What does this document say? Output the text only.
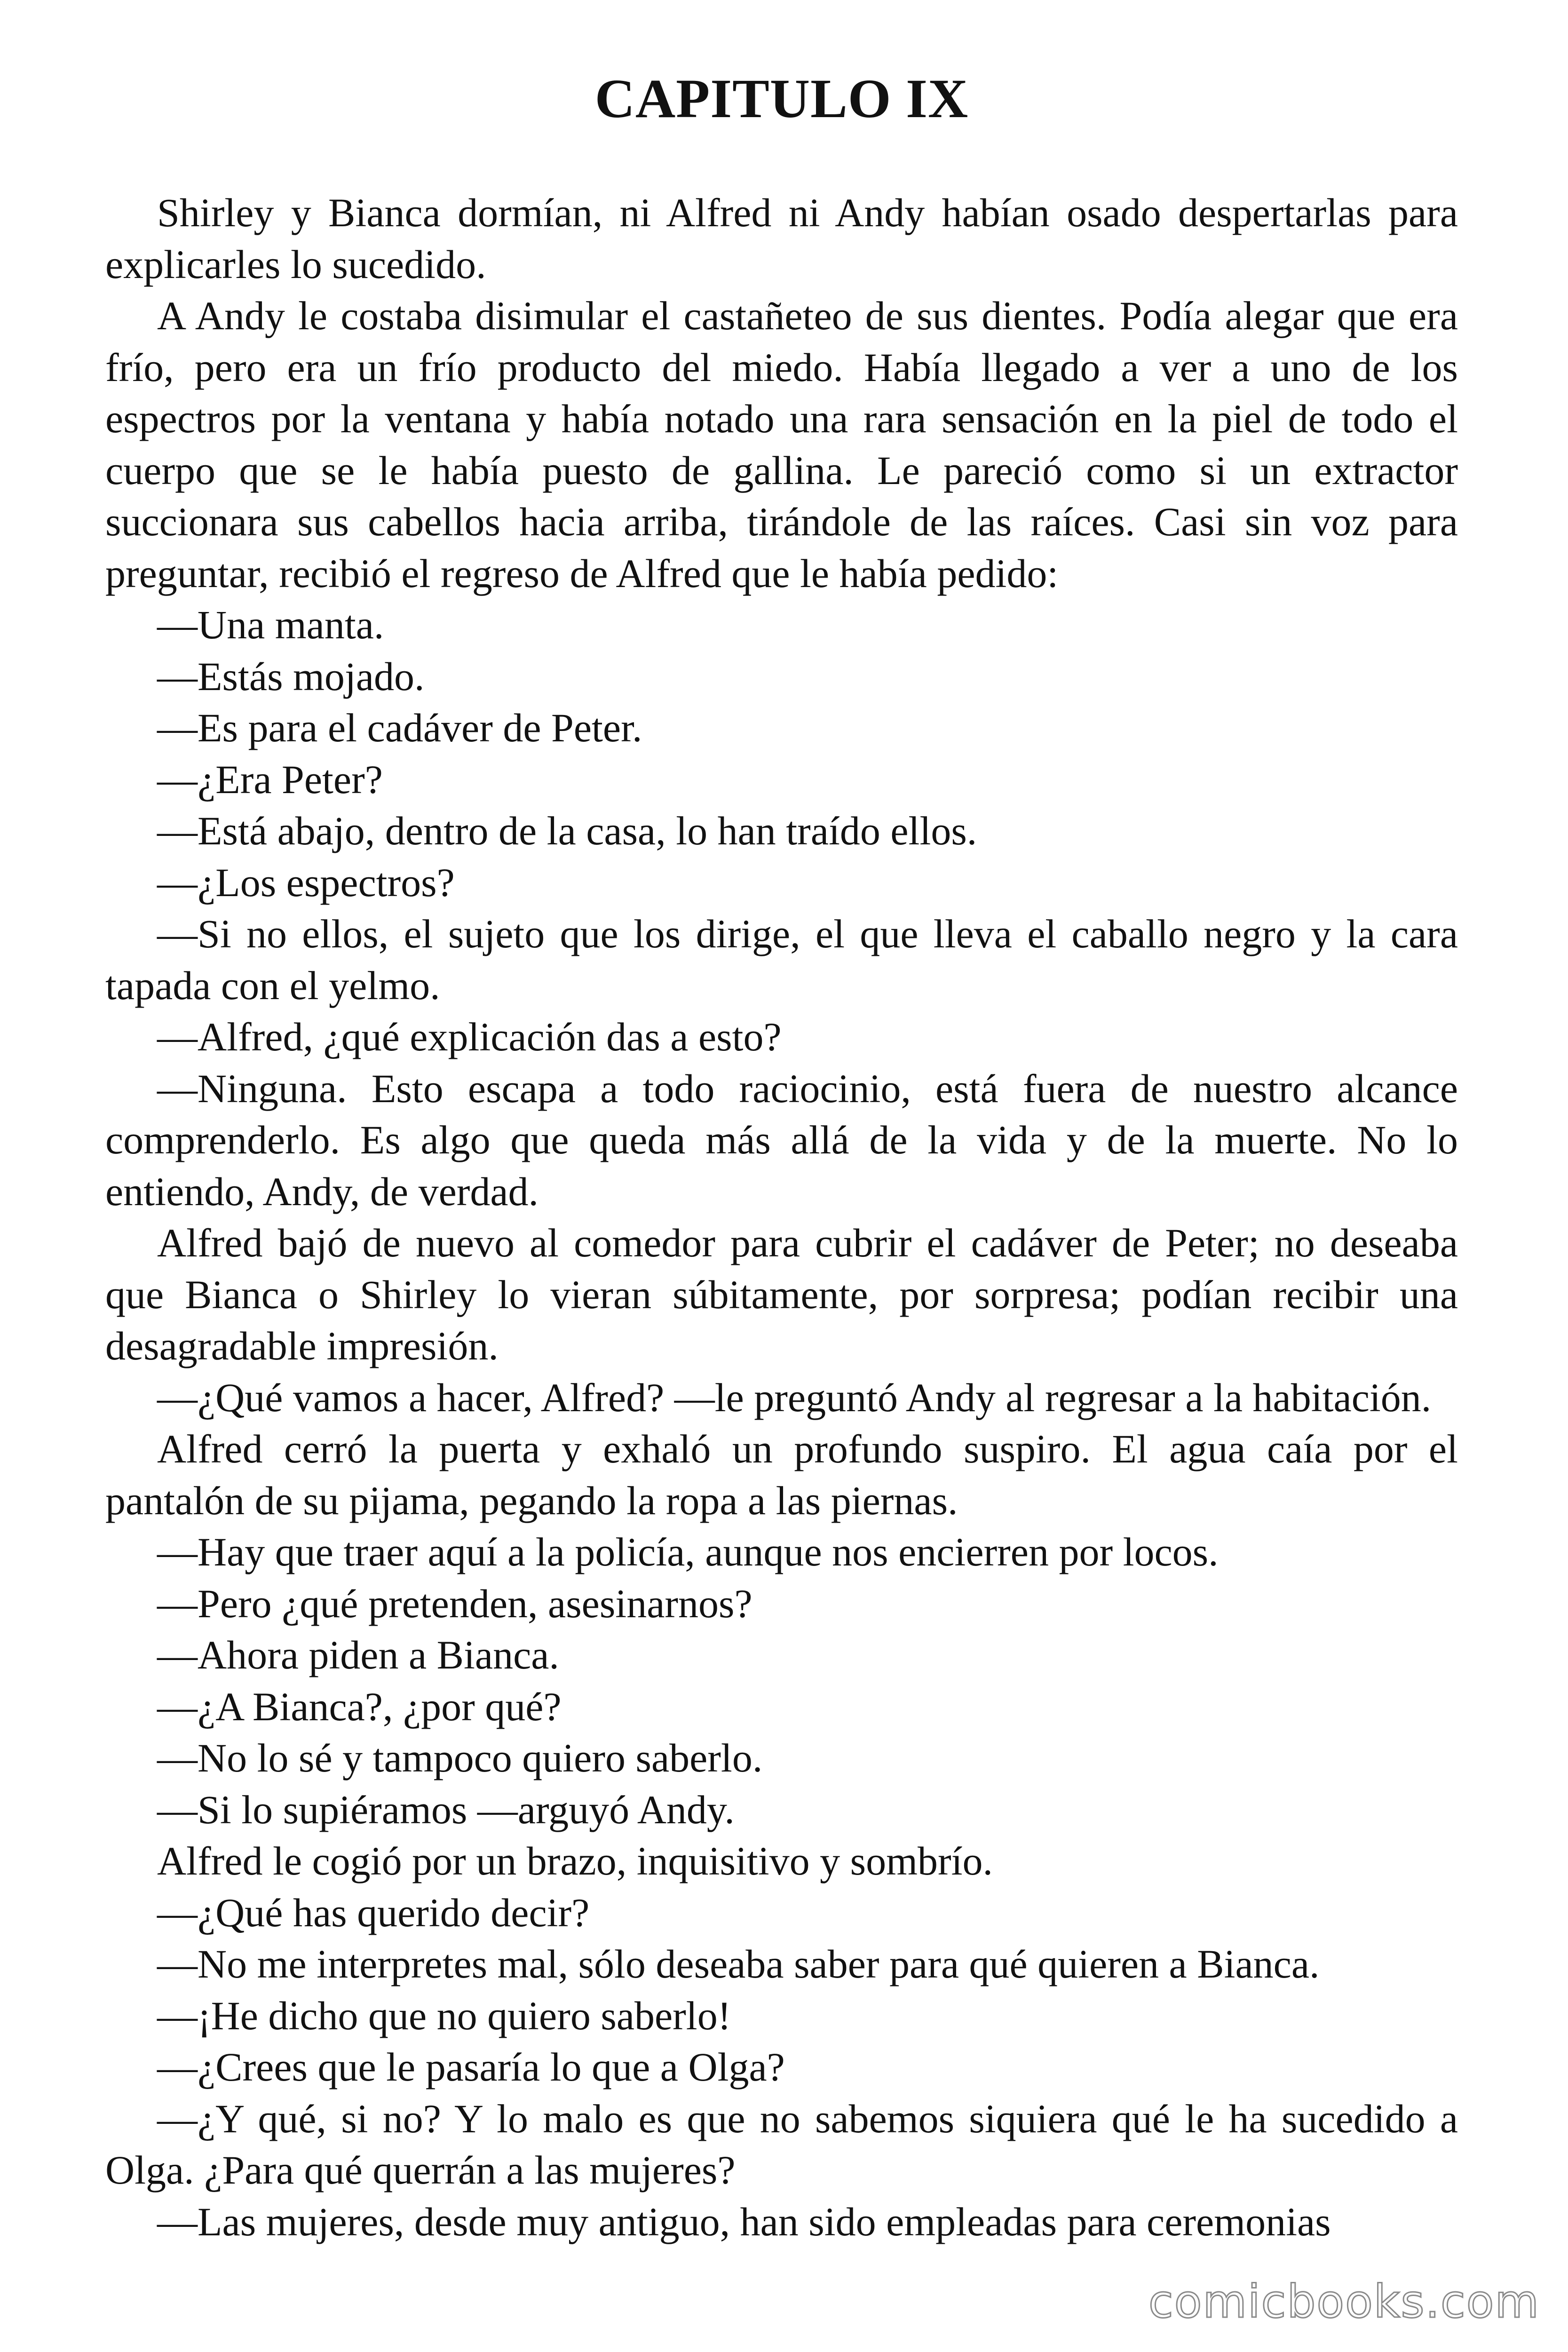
CAPITULO IX

Shirley y Bianca dormían, ni Alfred ni Andy habían osado despertarlas para explicarles lo sucedido.

A Andy le costaba disimular el castañeteo de sus dientes. Podía alegar que era frío, pero era un frío producto del miedo. Había llegado a ver a uno de los espectros por la ventana y había notado una rara sensación en la piel de todo el cuerpo que se le había puesto de gallina. Le pareció como si un extractor succionara sus cabellos hacia arriba, tirándole de las raíces. Casi sin voz para preguntar, recibió el regreso de Alfred que le había pedido:

—Una manta.

—Estás mojado.

—Es para el cadáver de Peter.

—¿Era Peter?

—Está abajo, dentro de la casa, lo han traído ellos.

—¿Los espectros?

—Si no ellos, el sujeto que los dirige, el que lleva el caballo negro y la cara tapada con el yelmo.

—Alfred, ¿qué explicación das a esto?

—Ninguna. Esto escapa a todo raciocinio, está fuera de nuestro alcance comprenderlo. Es algo que queda más allá de la vida y de la muerte. No lo entiendo, Andy, de verdad.

Alfred bajó de nuevo al comedor para cubrir el cadáver de Peter; no deseaba que Bianca o Shirley lo vieran súbitamente, por sorpresa; podían recibir una desagradable impresión.

—¿Qué vamos a hacer, Alfred? —le preguntó Andy al regresar a la habitación.

Alfred cerró la puerta y exhaló un profundo suspiro. El agua caía por el pantalón de su pijama, pegando la ropa a las piernas.

—Hay que traer aquí a la policía, aunque nos encierren por locos.

—Pero ¿qué pretenden, asesinarnos?

—Ahora piden a Bianca.

—¿A Bianca?, ¿por qué?

—No lo sé y tampoco quiero saberlo.

—Si lo supiéramos —arguyó Andy.

Alfred le cogió por un brazo, inquisitivo y sombrío.

—¿Qué has querido decir?

—No me interpretes mal, sólo deseaba saber para qué quieren a Bianca.

—¡He dicho que no quiero saberlo!

—¿Crees que le pasaría lo que a Olga?

—¿Y qué, si no? Y lo malo es que no sabemos siquiera qué le ha sucedido a Olga. ¿Para qué querrán a las mujeres?

—Las mujeres, desde muy antiguo, han sido empleadas para ceremonias

comicbooks.com
